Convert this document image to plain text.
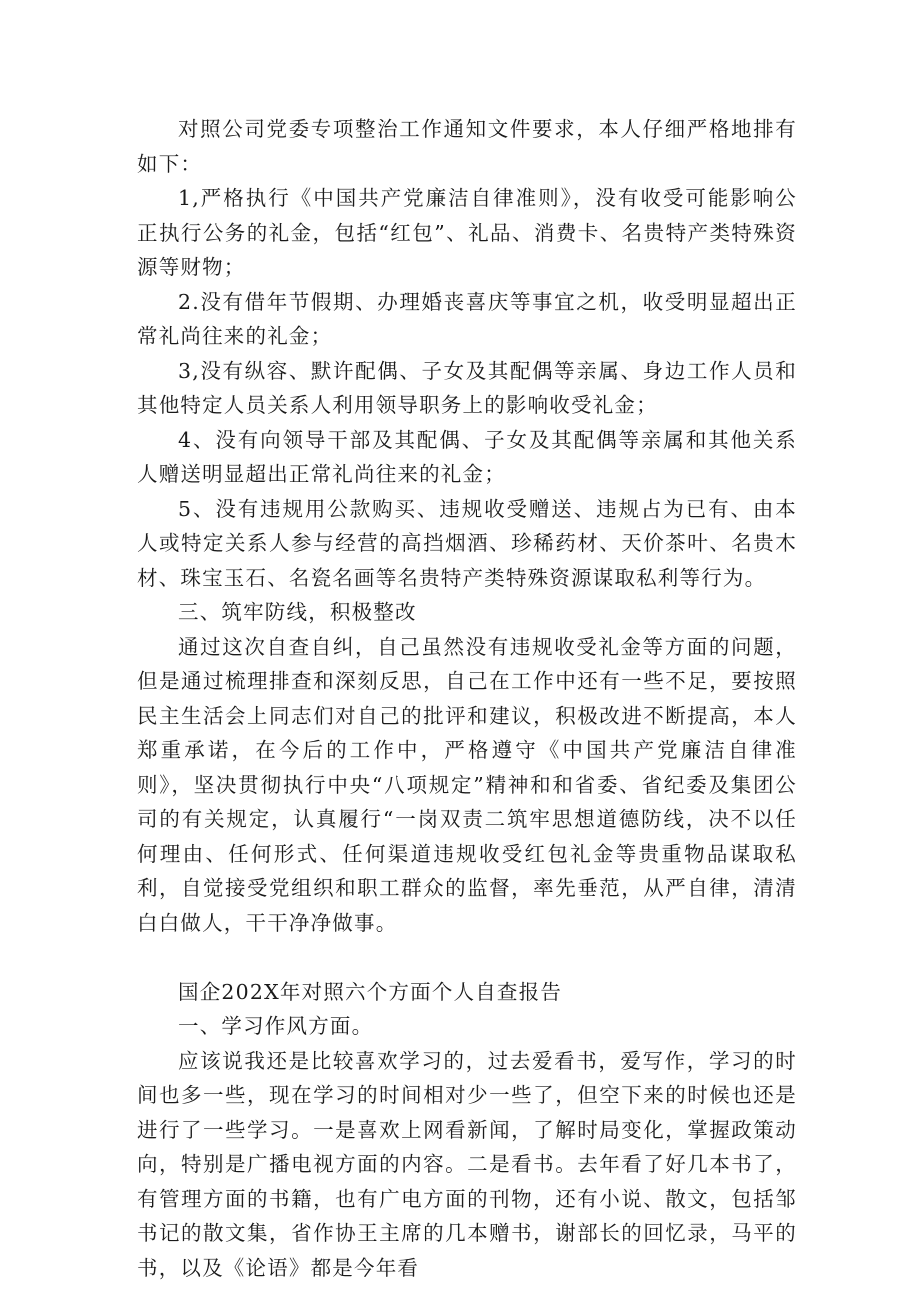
对照公司党委专项整治工作通知文件要求，本人仔细严格地排有如下：

1,严格执行《中国共产党廉洁自律准则》，没有收受可能影响公正执行公务的礼金，包括“红包”、礼品、消费卡、名贵特产类特殊资源等财物；

2.没有借年节假期、办理婚丧喜庆等事宜之机，收受明显超出正常礼尚往来的礼金；

3,没有纵容、默许配偶、子女及其配偶等亲属、身边工作人员和其他特定人员关系人利用领导职务上的影响收受礼金；

4、没有向领导干部及其配偶、子女及其配偶等亲属和其他关系人赠送明显超出正常礼尚往来的礼金；

5、没有违规用公款购买、违规收受赠送、违规占为已有、由本人或特定关系人参与经营的高挡烟酒、珍稀药材、天价茶叶、名贵木材、珠宝玉石、名瓷名画等名贵特产类特殊资源谋取私利等行为。

三、筑牢防线，积极整改

通过这次自查自纠，自己虽然没有违规收受礼金等方面的问题，但是通过梳理排查和深刻反思，自己在工作中还有一些不足，要按照民主生活会上同志们对自己的批评和建议，积极改进不断提高，本人郑重承诺，在今后的工作中，严格遵守《中国共产党廉洁自律准则》，坚决贯彻执行中央“八项规定”精神和和省委、省纪委及集团公司的有关规定，认真履行“一岗双责二筑牢思想道德防线，决不以任何理由、任何形式、任何渠道违规收受红包礼金等贵重物品谋取私利，自觉接受党组织和职工群众的监督，率先垂范，从严自律，清清白白做人，干干净净做事。

国企202X年对照六个方面个人自查报告

一、学习作风方面。

应该说我还是比较喜欢学习的，过去爱看书，爱写作，学习的时间也多一些，现在学习的时间相对少一些了，但空下来的时候也还是进行了一些学习。一是喜欢上网看新闻，了解时局变化，掌握政策动向，特别是广播电视方面的内容。二是看书。去年看了好几本书了，有管理方面的书籍，也有广电方面的刊物，还有小说、散文，包括邹书记的散文集，省作协王主席的几本赠书，谢部长的回忆录，马平的书，以及《论语》都是今年看
